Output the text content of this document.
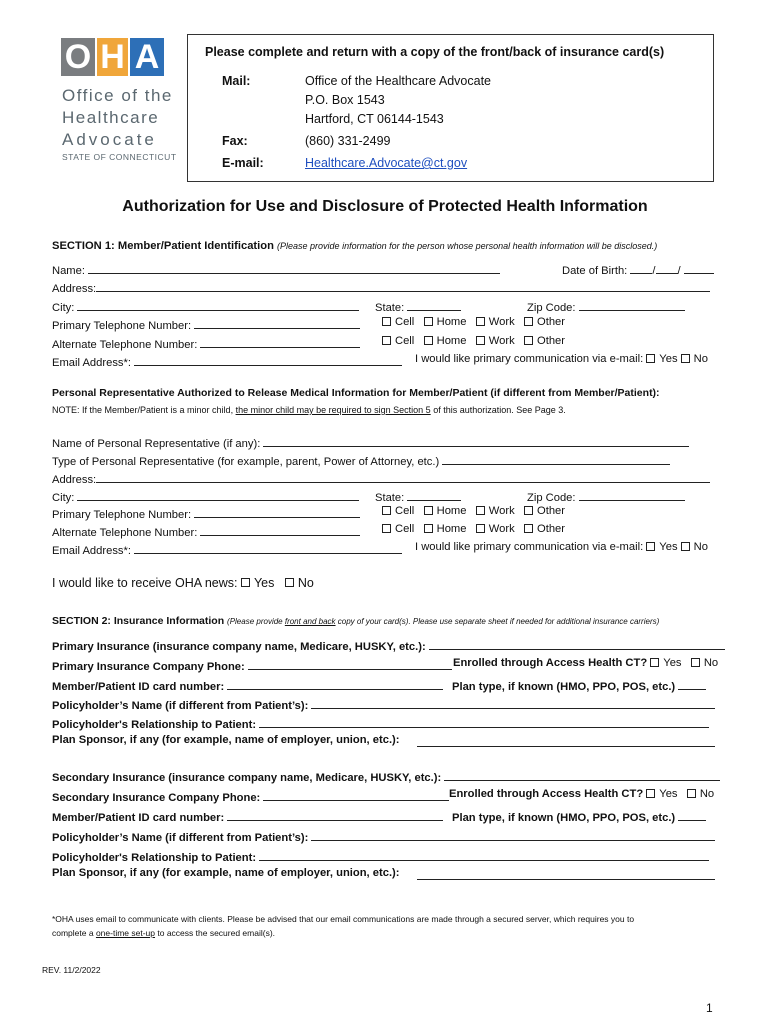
O H A
Office of the
Healthcare
Advocate
STATE OF CONNECTICUT
Please complete and return with a copy of the front/back of insurance card(s)
Mail:	Office of the Healthcare Advocate
P.O. Box 1543
Hartford, CT 06144-1543
Fax:	(860) 331-2499
E-mail:	Healthcare.Advocate@ct.gov
Authorization for Use and Disclosure of Protected Health Information
SECTION 1: Member/Patient Identification (Please provide information for the person whose personal health information will be disclosed.)
Name:	Date of Birth: / /
Address:
City:	State:	Zip Code:
Primary Telephone Number:	Cell Home Work Other
Alternate Telephone Number:	Cell Home Work Other
Email Address*:	I would like primary communication via e-mail: Yes No
Personal Representative Authorized to Release Medical Information for Member/Patient (if different from Member/Patient):
NOTE: If the Member/Patient is a minor child, the minor child may be required to sign Section 5 of this authorization. See Page 3.
Name of Personal Representative (if any):
Type of Personal Representative (for example, parent, Power of Attorney, etc.)
Address:
City:	State:	Zip Code:
Primary Telephone Number:	Cell Home Work Other
Alternate Telephone Number:	Cell Home Work Other
Email Address*:	I would like primary communication via e-mail: Yes No
I would like to receive OHA news: Yes No
SECTION 2: Insurance Information (Please provide front and back copy of your card(s). Please use separate sheet if needed for additional insurance carriers)
Primary Insurance (insurance company name, Medicare, HUSKY, etc.):
Primary Insurance Company Phone:	Enrolled through Access Health CT? Yes No
Member/Patient ID card number:	Plan type, if known (HMO, PPO, POS, etc.)
Policyholder’s Name (if different from Patient’s):
Policyholder's Relationship to Patient:
Plan Sponsor, if any (for example, name of employer, union, etc.):
Secondary Insurance (insurance company name, Medicare, HUSKY, etc.):
Secondary Insurance Company Phone:	Enrolled through Access Health CT? Yes No
Member/Patient ID card number:	Plan type, if known (HMO, PPO, POS, etc.)
Policyholder’s Name (if different from Patient’s):
Policyholder's Relationship to Patient:
Plan Sponsor, if any (for example, name of employer, union, etc.):
*OHA uses email to communicate with clients. Please be advised that our email communications are made through a secured server, which requires you to
complete a one-time set-up to access the secured email(s).
REV. 11/2/2022
1
